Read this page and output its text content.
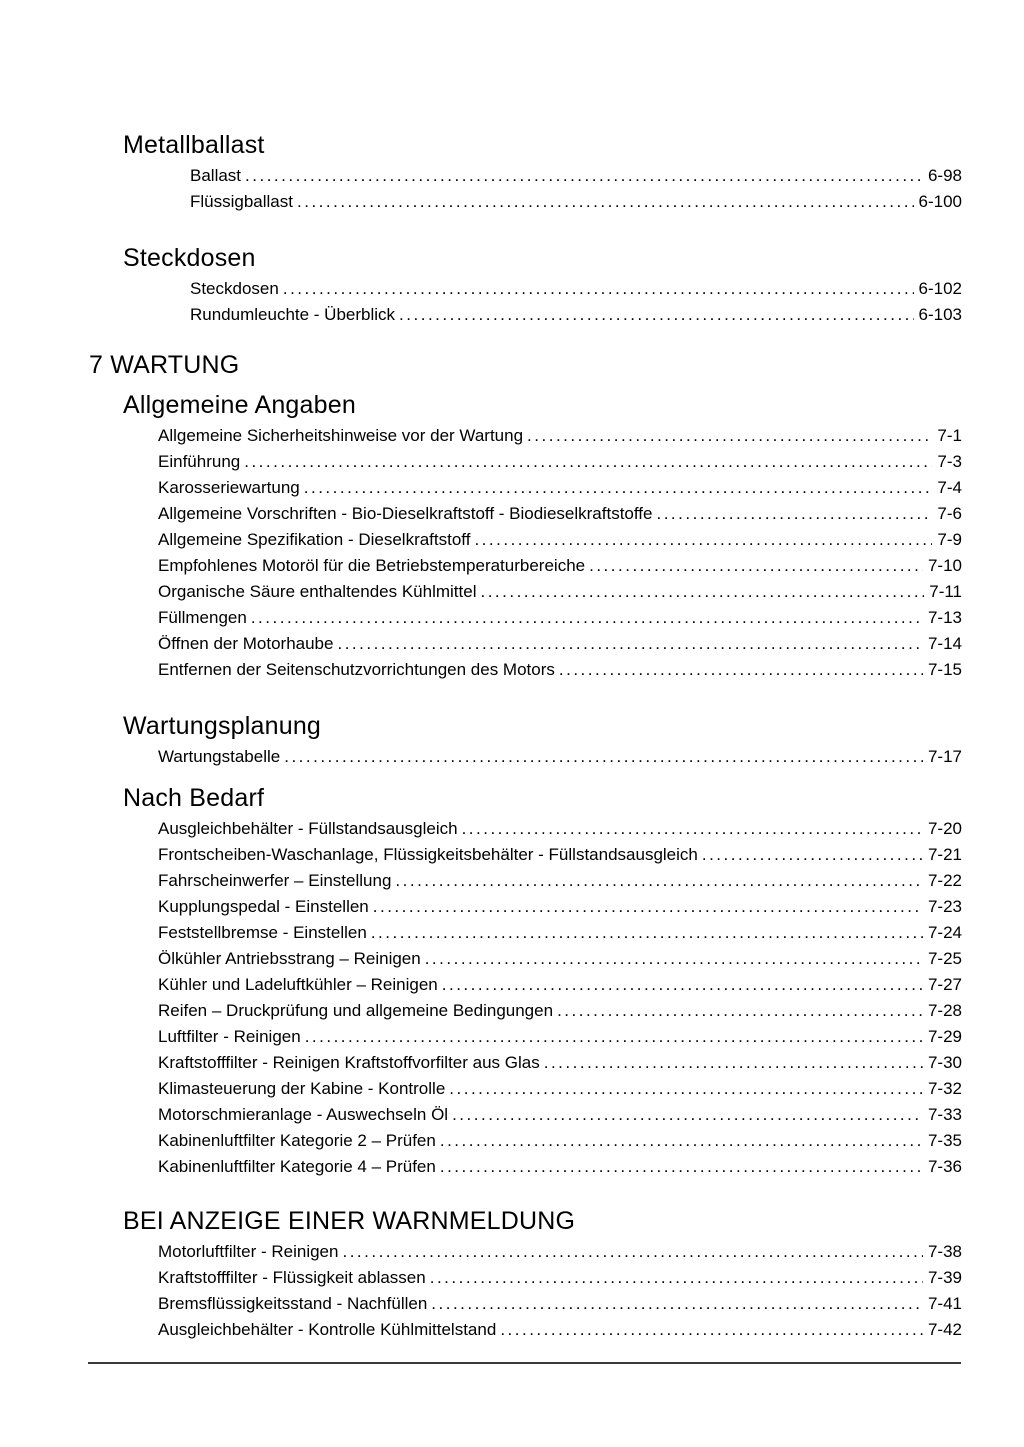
Metallballast
Ballast .....	6-98
Flüssigballast .....	6-100
Steckdosen
Steckdosen .....	6-102
Rundumleuchte - Überblick .....	6-103
7 WARTUNG
Allgemeine Angaben
Allgemeine Sicherheitshinweise vor der Wartung .....	7-1
Einführung .....	7-3
Karosseriewartung .....	7-4
Allgemeine Vorschriften - Bio-Dieselkraftstoff - Biodieselkraftstoffe .....	7-6
Allgemeine Spezifikation - Dieselkraftstoff .....	7-9
Empfohlenes Motoröl für die Betriebstemperaturbereiche .....	7-10
Organische Säure enthaltendes Kühlmittel .....	7-11
Füllmengen .....	7-13
Öffnen der Motorhaube .....	7-14
Entfernen der Seitenschutzvorrichtungen des Motors .....	7-15
Wartungsplanung
Wartungstabelle .....	7-17
Nach Bedarf
Ausgleichbehälter - Füllstandsausgleich .....	7-20
Frontscheiben-Waschanlage, Flüssigkeitsbehälter - Füllstandsausgleich .....	7-21
Fahrscheinwerfer – Einstellung .....	7-22
Kupplungspedal - Einstellen .....	7-23
Feststellbremse - Einstellen .....	7-24
Ölkühler Antriebsstrang – Reinigen .....	7-25
Kühler und Ladeluftkühler – Reinigen .....	7-27
Reifen – Druckprüfung und allgemeine Bedingungen .....	7-28
Luftfilter - Reinigen .....	7-29
Kraftstofffilter - Reinigen Kraftstoffvorfilter aus Glas .....	7-30
Klimasteuerung der Kabine - Kontrolle .....	7-32
Motorschmieranlage - Auswechseln Öl .....	7-33
Kabinenluftfilter Kategorie 2 – Prüfen .....	7-35
Kabinenluftfilter Kategorie 4 – Prüfen .....	7-36
BEI ANZEIGE EINER WARNMELDUNG
Motorluftfilter - Reinigen .....	7-38
Kraftstofffilter - Flüssigkeit ablassen .....	7-39
Bremsflüssigkeitsstand - Nachfüllen .....	7-41
Ausgleichbehälter - Kontrolle Kühlmittelstand .....	7-42
